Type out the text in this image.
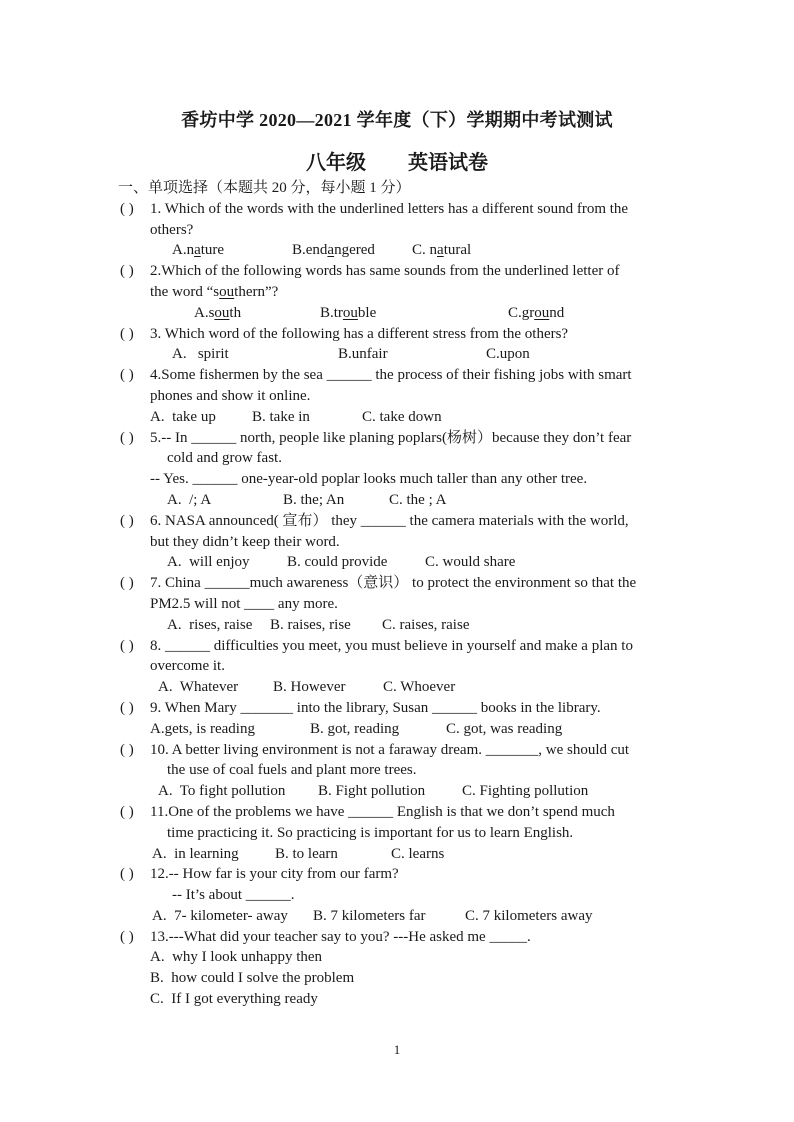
香坊中学 2020—2021 学年度（下）学期期中考试测试
八年级 英语试卷
一、单项选择（本题共 20 分，每小题 1 分）
( ) 1. Which of the words with the underlined letters has a different sound from the
others?
A.nature	B.endangered	C. natural
( ) 2.Which of the following words has same sounds from the underlined letter of
the word “southern”?
A.south	B.trouble	C.ground
( ) 3. Which word of the following has a different stress from the others?
A.   spirit	B.unfair	C.upon
( ) 4.Some fishermen by the sea ______ the process of their fishing jobs with smart
phones and show it online.
A.  take up	B. take in	C. take down
( ) 5.-- In ______ north, people like planing poplars(杨树）because they don’t fear
cold and grow fast.
-- Yes. ______ one-year-old poplar looks much taller than any other tree.
A.  /; A	B. the; An	C. the ; A
( ) 6. NASA announced( 宣布） they ______ the camera materials with the world,
but they didn’t keep their word.
A.  will enjoy	B. could provide	C. would share
( ) 7. China ______much awareness（意识） to protect the environment so that the
PM2.5 will not ____ any more.
A.  rises, raise	B. raises, rise	C. raises, raise
( ) 8. ______ difficulties you meet, you must believe in yourself and make a plan to
overcome it.
A.  Whatever	B. However	C. Whoever
( ) 9. When Mary _______ into the library, Susan ______ books in the library.
A.gets, is reading	B. got, reading	C. got, was reading
( ) 10. A better living environment is not a faraway dream. _______, we should cut
the use of coal fuels and plant more trees.
A.  To fight pollution	B. Fight pollution	C. Fighting pollution
( ) 11.One of the problems we have ______ English is that we don’t spend much
time practicing it. So practicing is important for us to learn English.
A.  in learning	B. to learn	C. learns
( ) 12.-- How far is your city from our farm?
-- It’s about ______.
A.  7- kilometer- away	B. 7 kilometers far	C. 7 kilometers away
( ) 13.---What did your teacher say to you? ---He asked me _____.
A.  why I look unhappy then
B.  how could I solve the problem
C.  If I got everything ready
1
